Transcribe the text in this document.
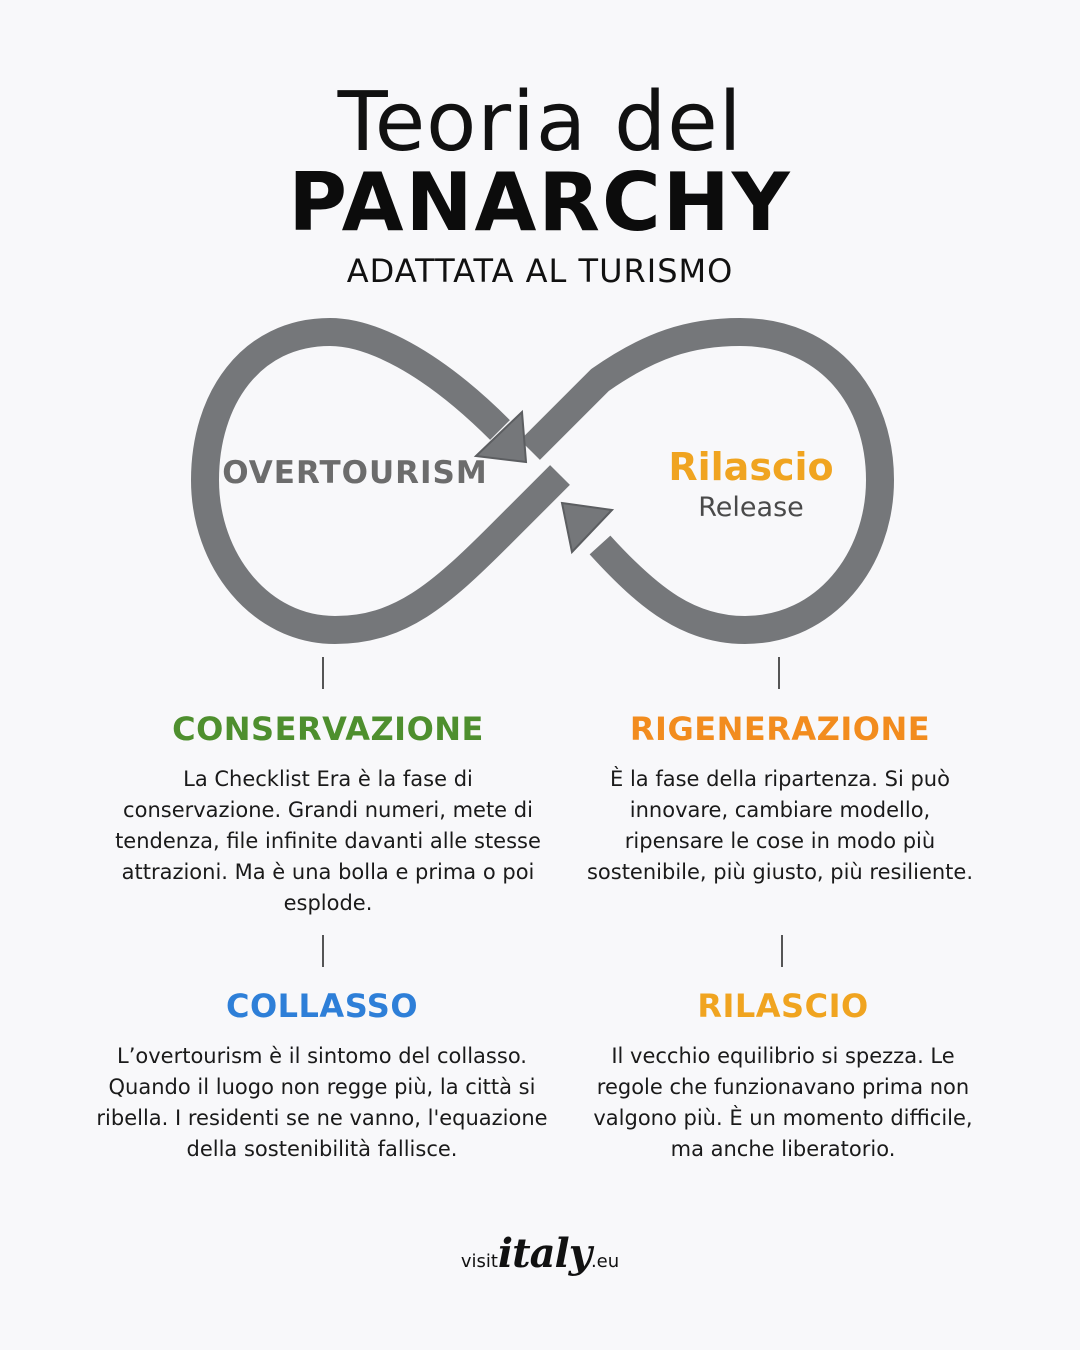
Teoria del
PANARCHY
ADATTATA AL TURISMO
OVERTOURISM	Rilascio
Release
CONSERVAZIONE

La Checklist Era è la fase di conservazione. Grandi numeri, mete di tendenza, file infinite davanti alle stesse attrazioni. Ma è una bolla e prima o poi esplode.

RIGENERAZIONE

È la fase della ripartenza. Si può innovare, cambiare modello, ripensare le cose in modo più sostenibile, più giusto, più resiliente.

COLLASSO

L’overtourism è il sintomo del collasso. Quando il luogo non regge più, la città si ribella. I residenti se ne vanno, l'equazione della sostenibilità fallisce.

RILASCIO

Il vecchio equilibrio si spezza. Le regole che funzionavano prima non valgono più. È un momento difficile, ma anche liberatorio.

visititaly.eu
